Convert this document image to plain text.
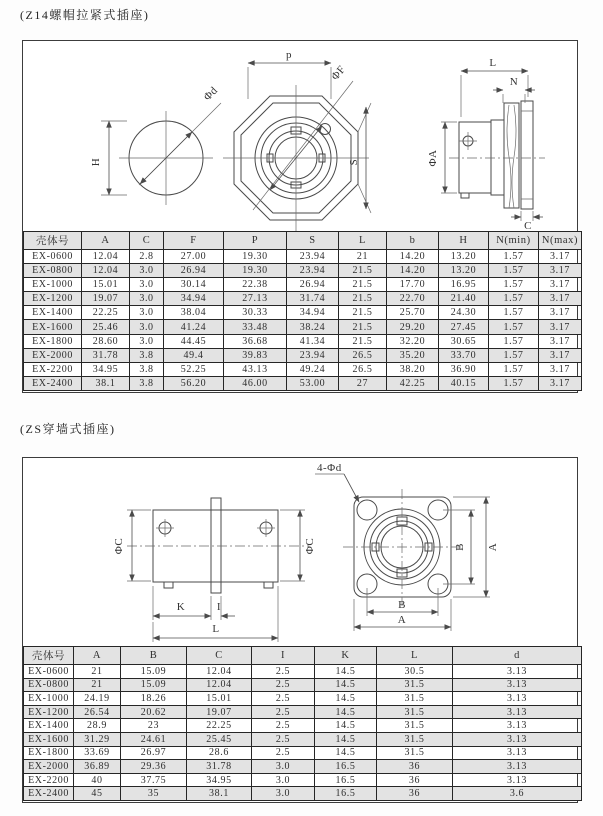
(Z14螺帽拉紧式插座)
H
Φd
ΦF
p
S
L
N
ΦA
C
壳体号	A	C	F	P	S	L	b	H	N(min)	N(max)
EX-0600	12.04	2.8	27.00	19.30	23.94	21	14.20	13.20	1.57	3.17
EX-0800	12.04	3.0	26.94	19.30	23.94	21.5	14.20	13.20	1.57	3.17
EX-1000	15.01	3.0	30.14	22.38	26.94	21.5	17.70	16.95	1.57	3.17
EX-1200	19.07	3.0	34.94	27.13	31.74	21.5	22.70	21.40	1.57	3.17
EX-1400	22.25	3.0	38.04	30.33	34.94	21.5	25.70	24.30	1.57	3.17
EX-1600	25.46	3.0	41.24	33.48	38.24	21.5	29.20	27.45	1.57	3.17
EX-1800	28.60	3.0	44.45	36.68	41.34	21.5	32.20	30.65	1.57	3.17
EX-2000	31.78	3.8	49.4	39.83	23.94	26.5	35.20	33.70	1.57	3.17
EX-2200	34.95	3.8	52.25	43.13	49.24	26.5	38.20	36.90	1.57	3.17
EX-2400	38.1	3.8	56.20	46.00	53.00	27	42.25	40.15	1.57	3.17
(ZS穿墙式插座)
ΦC	ΦC
K	I
L
4-Φd
B A
B
A
壳体号	A	B	C	I	K	L	d
EX-0600	21	15.09	12.04	2.5	14.5	30.5	3.13
EX-0800	21	15.09	12.04	2.5	14.5	31.5	3.13
EX-1000	24.19	18.26	15.01	2.5	14.5	31.5	3.13
EX-1200	26.54	20.62	19.07	2.5	14.5	31.5	3.13
EX-1400	28.9	23	22.25	2.5	14.5	31.5	3.13
EX-1600	31.29	24.61	25.45	2.5	14.5	31.5	3.13
EX-1800	33.69	26.97	28.6	2.5	14.5	31.5	3.13
EX-2000	36.89	29.36	31.78	3.0	16.5	36	3.13
EX-2200	40	37.75	34.95	3.0	16.5	36	3.13
EX-2400	45	35	38.1	3.0	16.5	36	3.6
